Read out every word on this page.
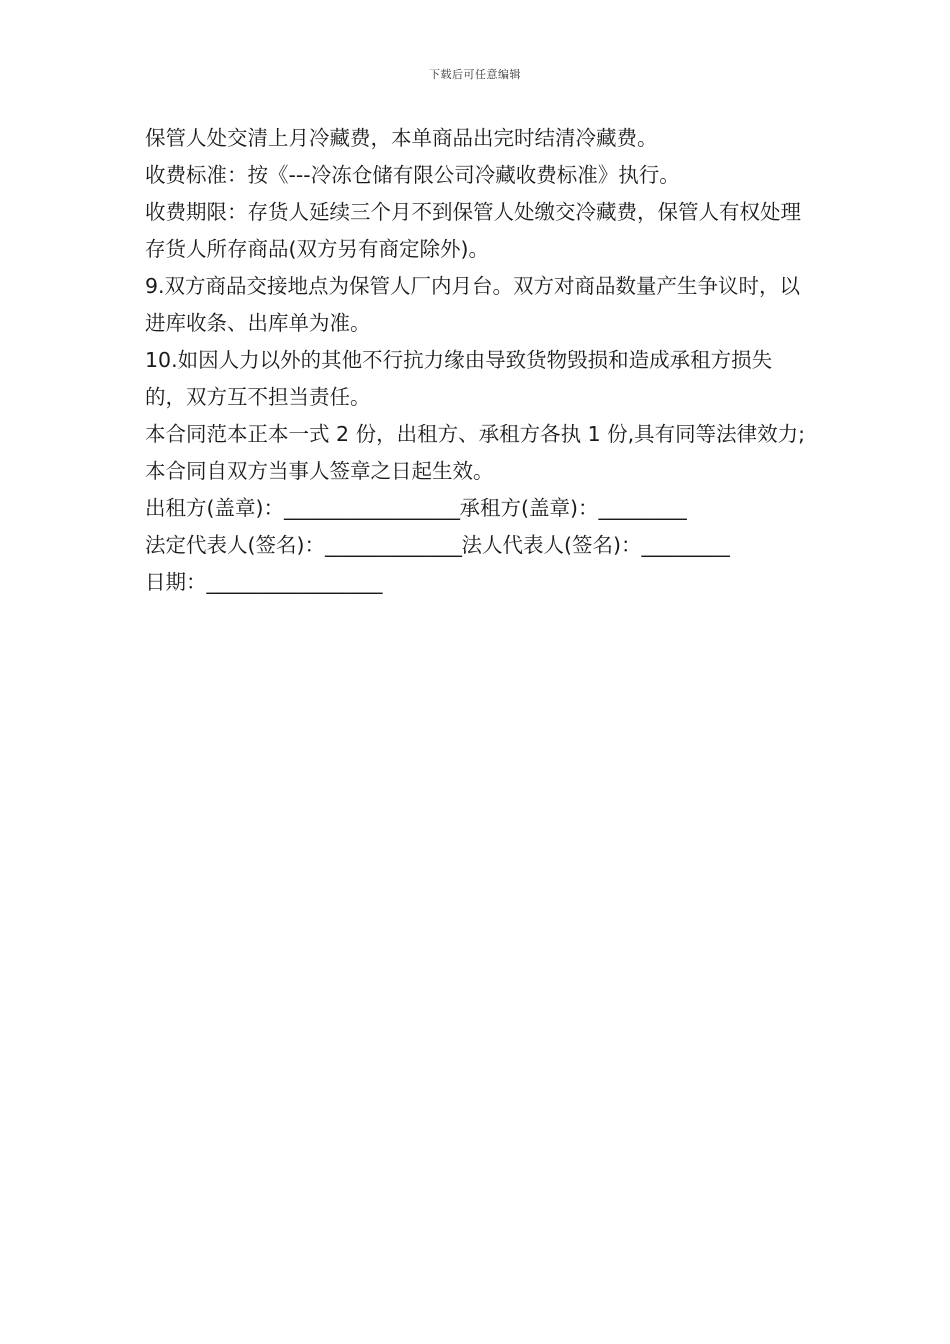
下载后可任意编辑

保管人处交清上月冷藏费，本单商品出完时结清冷藏费。

收费标准：按《---冷冻仓储有限公司冷藏收费标准》执行。

收费期限：存货人延续三个月不到保管人处缴交冷藏费，保管人有权处理存货人所存商品(双方另有商定除外)。

9.双方商品交接地点为保管人厂内月台。双方对商品数量产生争议时，以进库收条、出库单为准。

10.如因人力以外的其他不行抗力缘由导致货物毁损和造成承租方损失的，双方互不担当责任。

本合同范本正本一式 2 份，出租方、承租方各执 1 份,具有同等法律效力;

本合同自双方当事人签章之日起生效。

出租方(盖章)：__________________承租方(盖章)：_________

法定代表人(签名)：______________法人代表人(签名)：_________

日期：__________________
